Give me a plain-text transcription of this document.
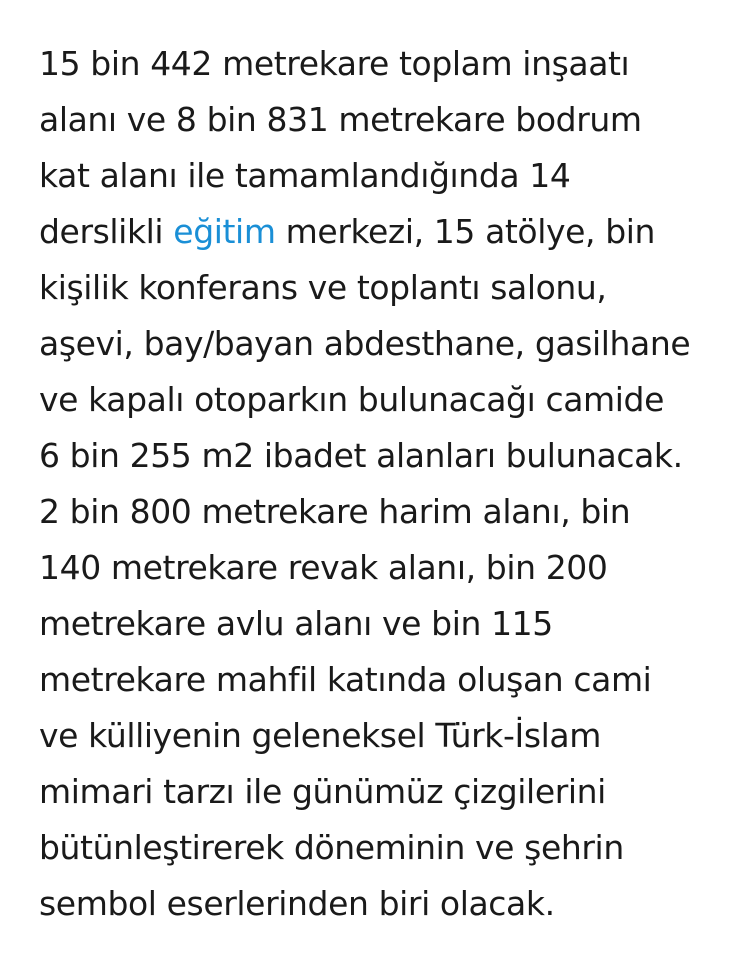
15 bin 442 metrekare toplam inşaatı
alanı ve 8 bin 831 metrekare bodrum
kat alanı ile tamamlandığında 14
derslikli eğitim merkezi, 15 atölye, bin
kişilik konferans ve toplantı salonu,
aşevi, bay/bayan abdesthane, gasilhane
ve kapalı otoparkın bulunacağı camide
6 bin 255 m2 ibadet alanları bulunacak.
2 bin 800 metrekare harim alanı, bin
140 metrekare revak alanı, bin 200
metrekare avlu alanı ve bin 115
metrekare mahfil katında oluşan cami
ve külliyenin geleneksel Türk-İslam
mimari tarzı ile günümüz çizgilerini
bütünleştirerek döneminin ve şehrin
sembol eserlerinden biri olacak.
